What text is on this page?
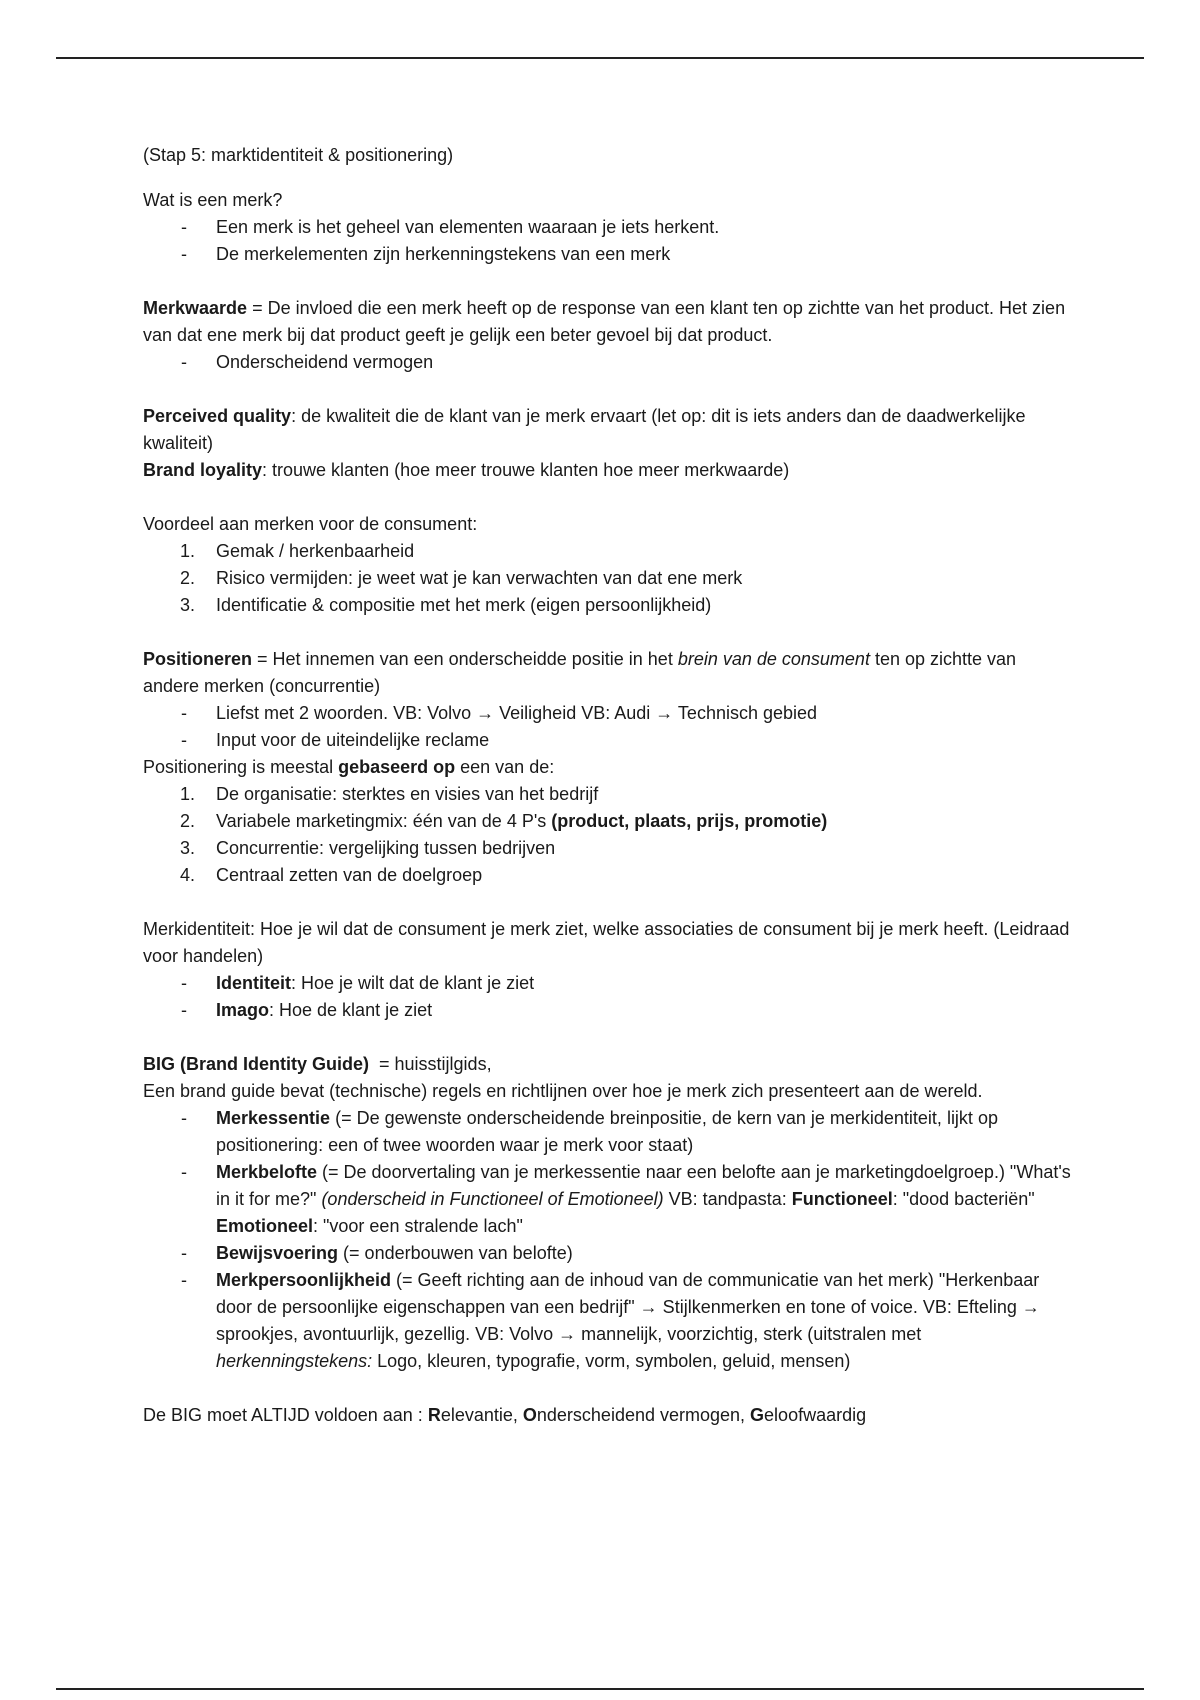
(Stap 5: marktidentiteit & positionering)

Wat is een merk?

- Een merk is het geheel van elementen waaraan je iets herkent.
- De merkelementen zijn herkenningstekens van een merk

Merkwaarde = De invloed die een merk heeft op de response van een klant ten op zichtte van het product. Het zien van dat ene merk bij dat product geeft je gelijk een beter gevoel bij dat product.

- Onderscheidend vermogen

Perceived quality: de kwaliteit die de klant van je merk ervaart (let op: dit is iets anders dan de daadwerkelijke kwaliteit)

Brand loyality: trouwe klanten (hoe meer trouwe klanten hoe meer merkwaarde)

Voordeel aan merken voor de consument:

1. Gemak / herkenbaarheid
2. Risico vermijden: je weet wat je kan verwachten van dat ene merk
3. Identificatie & compositie met het merk (eigen persoonlijkheid)

Positioneren = Het innemen van een onderscheidde positie in het brein van de consument ten op zichtte van andere merken (concurrentie)

- Liefst met 2 woorden. VB: Volvo → Veiligheid VB: Audi → Technisch gebied
- Input voor de uiteindelijke reclame

Positionering is meestal gebaseerd op een van de:

1. De organisatie: sterktes en visies van het bedrijf
2. Variabele marketingmix: één van de 4 P's (product, plaats, prijs, promotie)
3. Concurrentie: vergelijking tussen bedrijven
4. Centraal zetten van de doelgroep

Merkidentiteit: Hoe je wil dat de consument je merk ziet, welke associaties de consument bij je merk heeft. (Leidraad voor handelen)

- Identiteit: Hoe je wilt dat de klant je ziet
- Imago: Hoe de klant je ziet

BIG (Brand Identity Guide)  = huisstijlgids,

Een brand guide bevat (technische) regels en richtlijnen over hoe je merk zich presenteert aan de wereld.

- Merkessentie (= De gewenste onderscheidende breinpositie, de kern van je merkidentiteit, lijkt op positionering: een of twee woorden waar je merk voor staat)
- Merkbelofte (= De doorvertaling van je merkessentie naar een belofte aan je marketingdoelgroep.) "What's in it for me?" (onderscheid in Functioneel of Emotioneel) VB: tandpasta: Functioneel: "dood bacteriën" Emotioneel: "voor een stralende lach"
- Bewijsvoering (= onderbouwen van belofte)
- Merkpersoonlijkheid (= Geeft richting aan de inhoud van de communicatie van het merk) "Herkenbaar door de persoonlijke eigenschappen van een bedrijf" → Stijlkenmerken en tone of voice. VB: Efteling → sprookjes, avontuurlijk, gezellig. VB: Volvo → mannelijk, voorzichtig, sterk (uitstralen met herkenningstekens: Logo, kleuren, typografie, vorm, symbolen, geluid, mensen)

De BIG moet ALTIJD voldoen aan : Relevantie, Onderscheidend vermogen, Geloofwaardig
